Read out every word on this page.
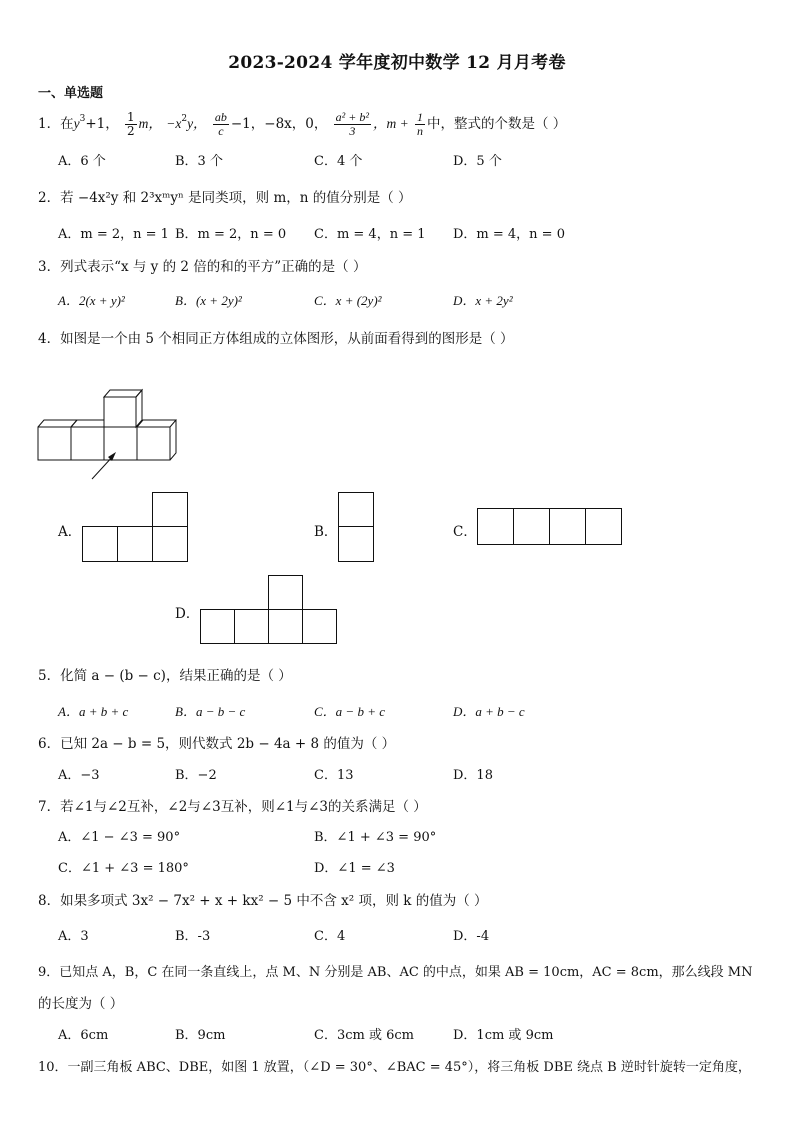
2023-2024 学年度初中数学 12 月月考卷
一、单选题
1．在$y^3+1$， $\frac{1}{2}$ m， $-x^2y$， $\frac{ab}{c} -1$，−8x，0， $\frac{\text{a² + b²}}{3}$ ，$m + \frac{1}{n}$ 中，整式的个数是（ ）
A．6 个	B．3 个	C．4 个	D．5 个
2．若 −4x²y 和 2³xᵐyⁿ 是同类项，则 m，n 的值分别是（ ）
A．m = 2，n = 1 B．m = 2，n = 0 C．m = 4，n = 1 D．m = 4，n = 0
3．列式表示“x 与 y 的 2 倍的和的平方”正确的是（ ）
A．2(x + y)²	B．(x + 2y)²	C．x + (2y)²	D．x + 2y²
4．如图是一个由 5 个相同正方体组成的立体图形，从前面看得到的图形是（ ）
A．	B．	C．
D．
5．化简 a − (b − c)，结果正确的是（ ）
A．a + b + c	B．a − b − c	C．a − b + c	D．a + b − c
6．已知 2a − b = 5，则代数式 2b − 4a + 8 的值为（ ）
A．−3	B．−2	C．13	D．18
7．若∠1与∠2互补，∠2与∠3互补，则∠1与∠3的关系满足（ ）
A．∠1 − ∠3 = 90°	B．∠1 + ∠3 = 90°
C．∠1 + ∠3 = 180°	D．∠1 = ∠3
8．如果多项式 3x² − 7x² + x + kx² − 5 中不含 x² 项，则 k 的值为（ ）
A．3	B．-3	C．4	D．-4
9．已知点 A，B，C 在同一条直线上，点 M、N 分别是 AB、AC 的中点，如果 AB = 10cm，AC = 8cm，那么线段 MN
的长度为（ ）
A．6cm	B．9cm	C．3cm 或 6cm	D．1cm 或 9cm
10．一副三角板 ABC、DBE，如图 1 放置，（∠D = 30°、∠BAC = 45°），将三角板 DBE 绕点 B 逆时针旋转一定角度，
